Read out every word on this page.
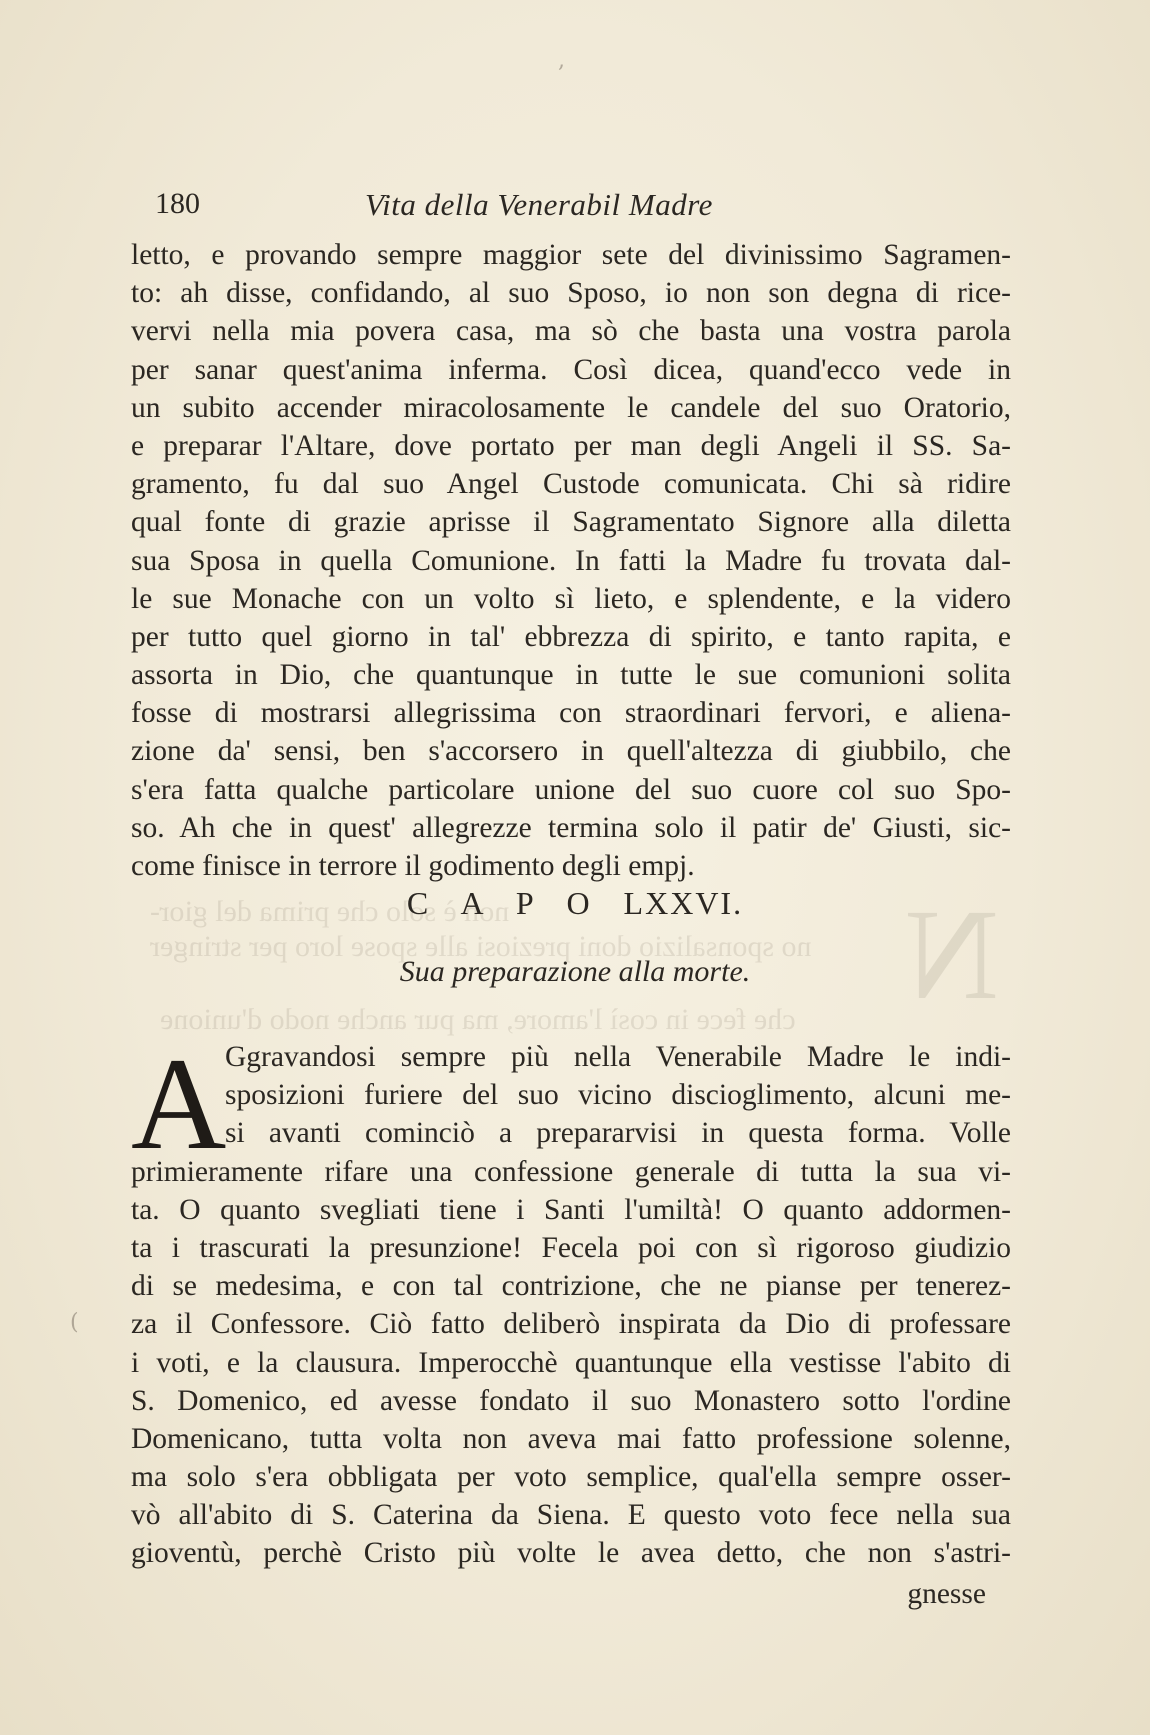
N
non è solo che prima del gior-
no sponsalizio doni preziosi alle spose loro per stringer
che fece in così l'amore, ma pur anche nodo d'unione
,
(
180	Vita della Venerabil Madre
letto, e provando sempre maggior sete del divinissimo Sagramen-
to: ah disse, confidando, al suo Sposo, io non son degna di rice-
vervi nella mia povera casa, ma sò che basta una vostra parola
per sanar quest'anima inferma. Così dicea, quand'ecco vede in
un subito accender miracolosamente le candele del suo Oratorio,
e preparar l'Altare, dove portato per man degli Angeli il SS. Sa-
gramento, fu dal suo Angel Custode comunicata. Chi sà ridire
qual fonte di grazie aprisse il Sagramentato Signore alla diletta
sua Sposa in quella Comunione. In fatti la Madre fu trovata dal-
le sue Monache con un volto sì lieto, e splendente, e la videro
per tutto quel giorno in tal' ebbrezza di spirito, e tanto rapita, e
assorta in Dio, che quantunque in tutte le sue comunioni solita
fosse di mostrarsi allegrissima con straordinari fervori, e aliena-
zione da' sensi, ben s'accorsero in quell'altezza di giubbilo, che
s'era fatta qualche particolare unione del suo cuore col suo Spo-
so. Ah che in quest' allegrezze termina solo il patir de' Giusti, sic-
come finisce in terrore il godimento degli empj.
C A P O LXXVI.
Sua preparazione alla morte.
A
Ggravandosi sempre più nella Venerabile Madre le indi-
sposizioni furiere del suo vicino discioglimento, alcuni me-
si avanti cominciò a prepararvisi in questa forma. Volle
primieramente rifare una confessione generale di tutta la sua vi-
ta. O quanto svegliati tiene i Santi l'umiltà! O quanto addormen-
ta i trascurati la presunzione! Fecela poi con sì rigoroso giudizio
di se medesima, e con tal contrizione, che ne pianse per tenerez-
za il Confessore. Ciò fatto deliberò inspirata da Dio di professare
i voti, e la clausura. Imperocchè quantunque ella vestisse l'abito di
S. Domenico, ed avesse fondato il suo Monastero sotto l'ordine
Domenicano, tutta volta non aveva mai fatto professione solenne,
ma solo s'era obbligata per voto semplice, qual'ella sempre osser-
vò all'abito di S. Caterina da Siena. E questo voto fece nella sua
gioventù, perchè Cristo più volte le avea detto, che non s'astri-
gnesse
